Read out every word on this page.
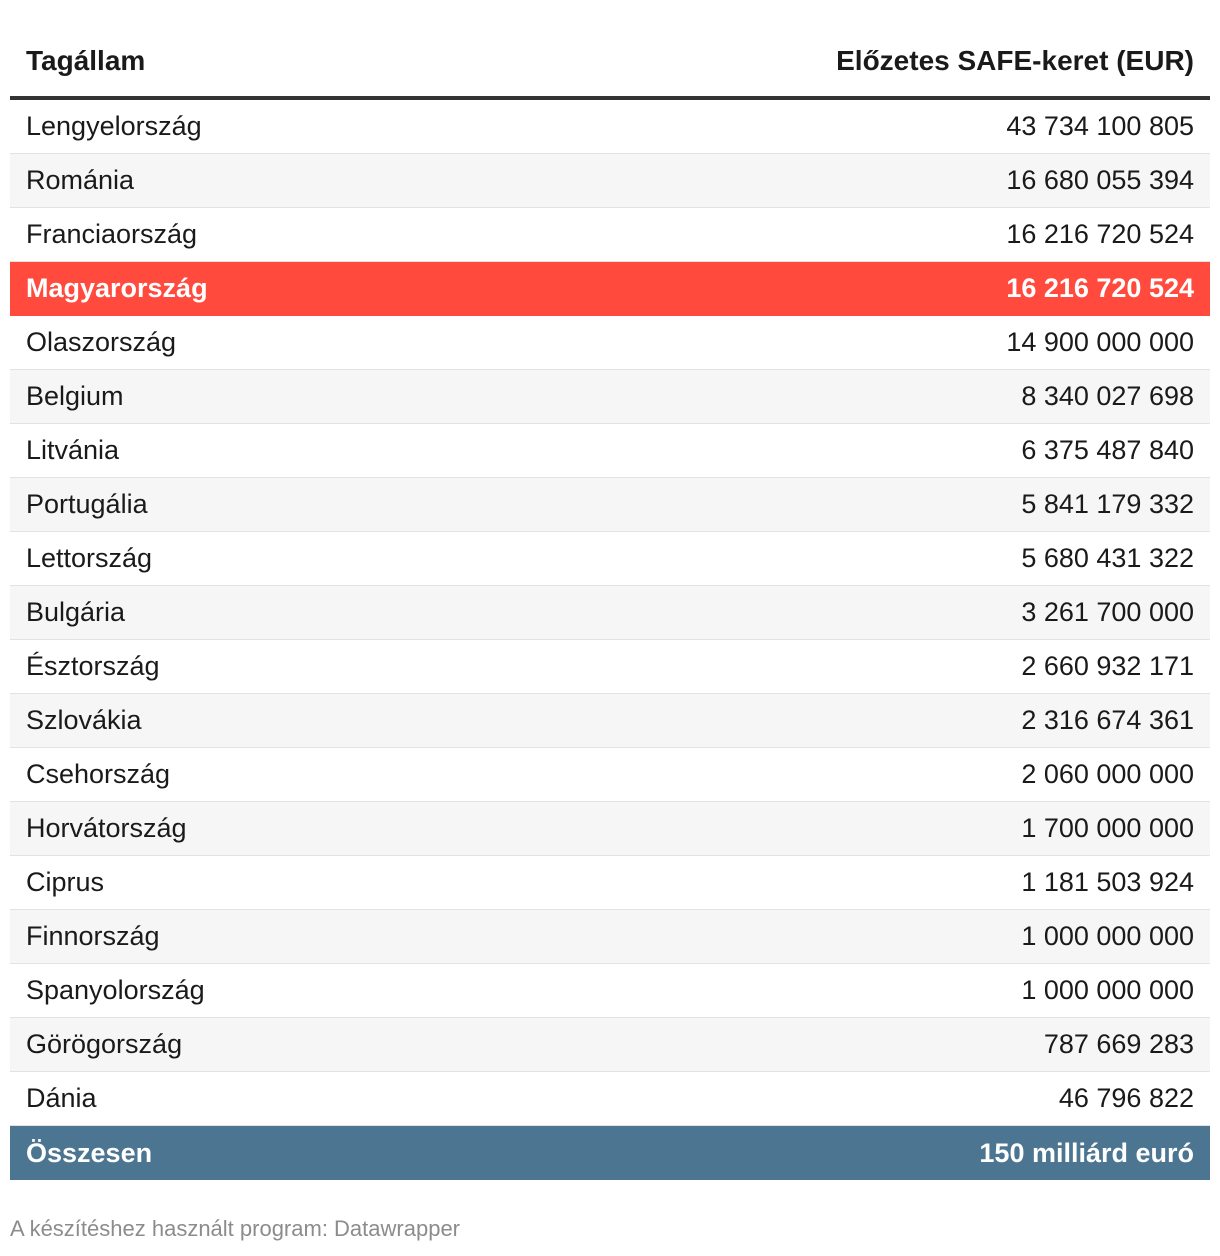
Tagállam	Előzetes SAFE-keret (EUR)
Lengyelország	43 734 100 805
Románia	16 680 055 394
Franciaország	16 216 720 524
Magyarország	16 216 720 524
Olaszország	14 900 000 000
Belgium	8 340 027 698
Litvánia	6 375 487 840
Portugália	5 841 179 332
Lettország	5 680 431 322
Bulgária	3 261 700 000
Észtország	2 660 932 171
Szlovákia	2 316 674 361
Csehország	2 060 000 000
Horvátország	1 700 000 000
Ciprus	1 181 503 924
Finnország	1 000 000 000
Spanyolország	1 000 000 000
Görögország	787 669 283
Dánia	46 796 822
Összesen	150 milliárd euró
A készítéshez használt program: Datawrapper
